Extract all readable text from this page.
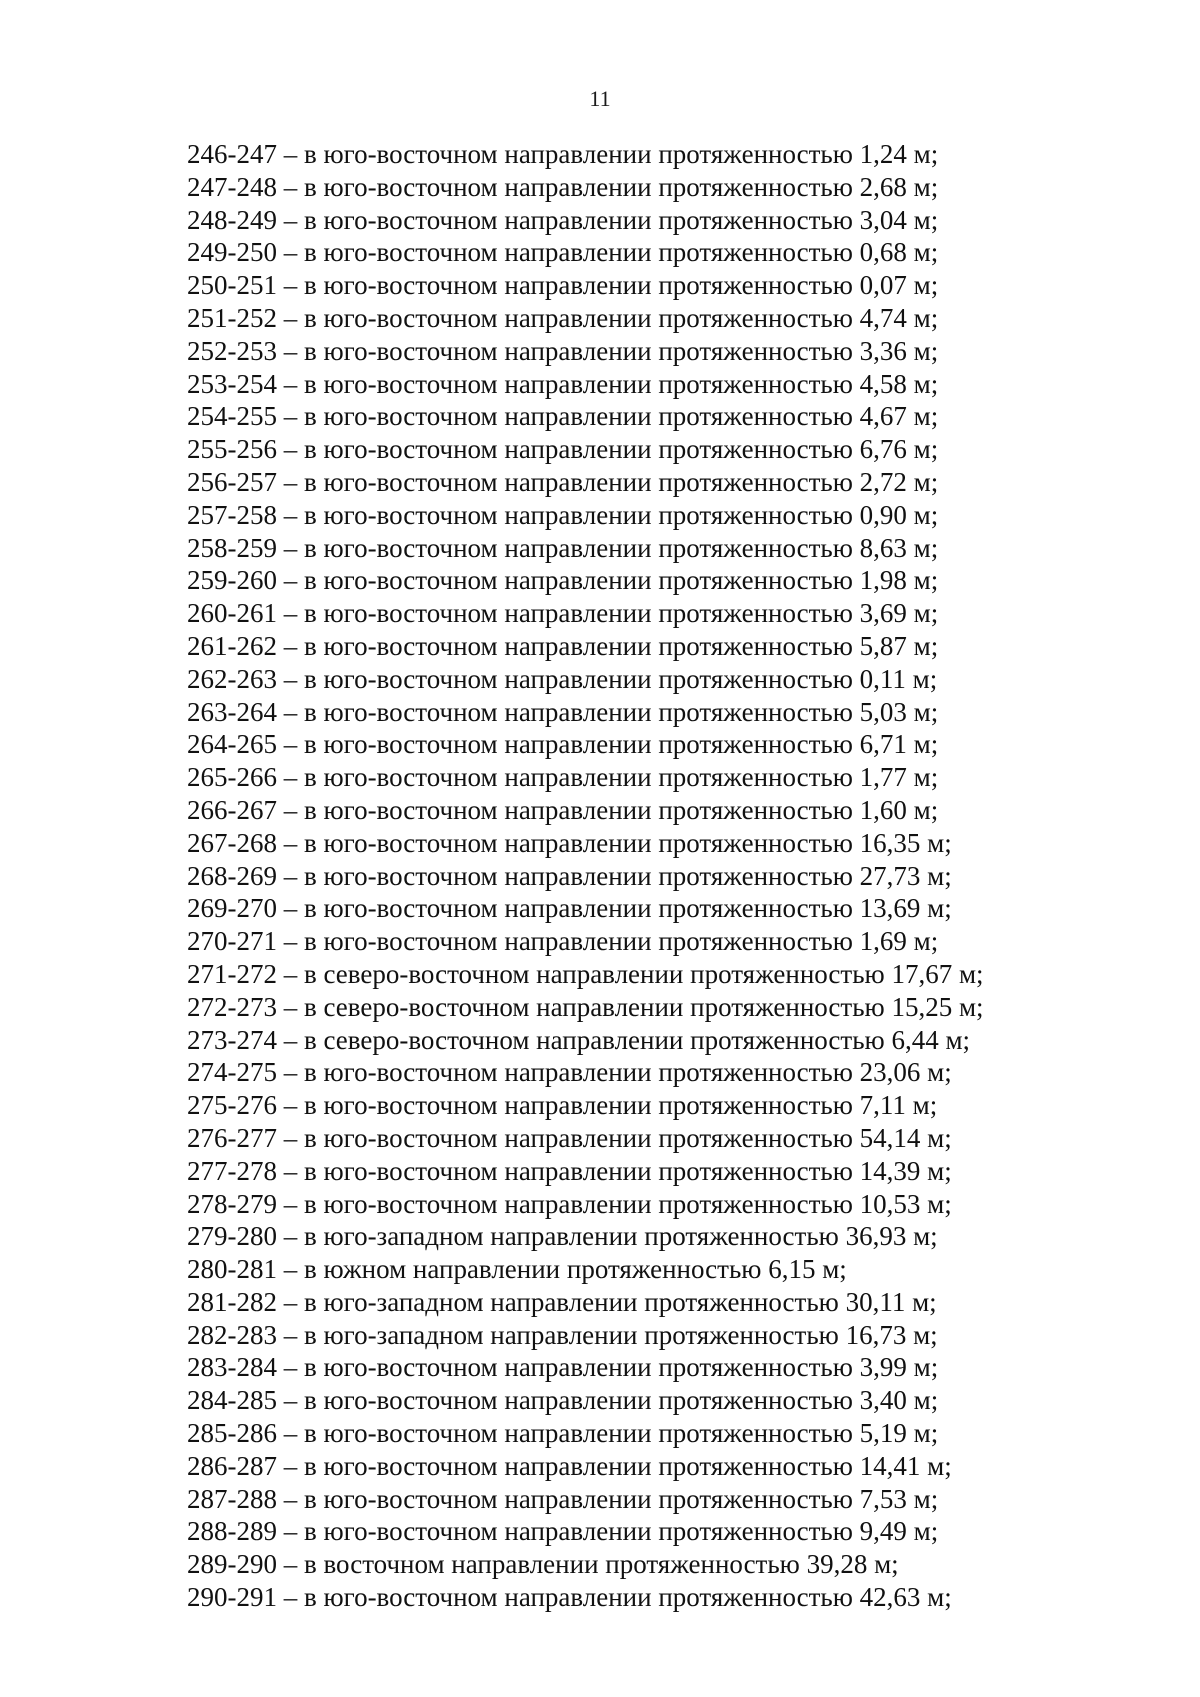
11
246-247 – в юго-восточном направлении протяженностью 1,24 м;
247-248 – в юго-восточном направлении протяженностью 2,68 м;
248-249 – в юго-восточном направлении протяженностью 3,04 м;
249-250 – в юго-восточном направлении протяженностью 0,68 м;
250-251 – в юго-восточном направлении протяженностью 0,07 м;
251-252 – в юго-восточном направлении протяженностью 4,74 м;
252-253 – в юго-восточном направлении протяженностью 3,36 м;
253-254 – в юго-восточном направлении протяженностью 4,58 м;
254-255 – в юго-восточном направлении протяженностью 4,67 м;
255-256 – в юго-восточном направлении протяженностью 6,76 м;
256-257 – в юго-восточном направлении протяженностью 2,72 м;
257-258 – в юго-восточном направлении протяженностью 0,90 м;
258-259 – в юго-восточном направлении протяженностью 8,63 м;
259-260 – в юго-восточном направлении протяженностью 1,98 м;
260-261 – в юго-восточном направлении протяженностью 3,69 м;
261-262 – в юго-восточном направлении протяженностью 5,87 м;
262-263 – в юго-восточном направлении протяженностью 0,11 м;
263-264 – в юго-восточном направлении протяженностью 5,03 м;
264-265 – в юго-восточном направлении протяженностью 6,71 м;
265-266 – в юго-восточном направлении протяженностью 1,77 м;
266-267 – в юго-восточном направлении протяженностью 1,60 м;
267-268 – в юго-восточном направлении протяженностью 16,35 м;
268-269 – в юго-восточном направлении протяженностью 27,73 м;
269-270 – в юго-восточном направлении протяженностью 13,69 м;
270-271 – в юго-восточном направлении протяженностью 1,69 м;
271-272 – в северо-восточном направлении протяженностью 17,67 м;
272-273 – в северо-восточном направлении протяженностью 15,25 м;
273-274 – в северо-восточном направлении протяженностью 6,44 м;
274-275 – в юго-восточном направлении протяженностью 23,06 м;
275-276 – в юго-восточном направлении протяженностью 7,11 м;
276-277 – в юго-восточном направлении протяженностью 54,14 м;
277-278 – в юго-восточном направлении протяженностью 14,39 м;
278-279 – в юго-восточном направлении протяженностью 10,53 м;
279-280 – в юго-западном направлении протяженностью 36,93 м;
280-281 – в южном направлении протяженностью 6,15 м;
281-282 – в юго-западном направлении протяженностью 30,11 м;
282-283 – в юго-западном направлении протяженностью 16,73 м;
283-284 – в юго-восточном направлении протяженностью 3,99 м;
284-285 – в юго-восточном направлении протяженностью 3,40 м;
285-286 – в юго-восточном направлении протяженностью 5,19 м;
286-287 – в юго-восточном направлении протяженностью 14,41 м;
287-288 – в юго-восточном направлении протяженностью 7,53 м;
288-289 – в юго-восточном направлении протяженностью 9,49 м;
289-290 – в восточном направлении протяженностью 39,28 м;
290-291 – в юго-восточном направлении протяженностью 42,63 м;
